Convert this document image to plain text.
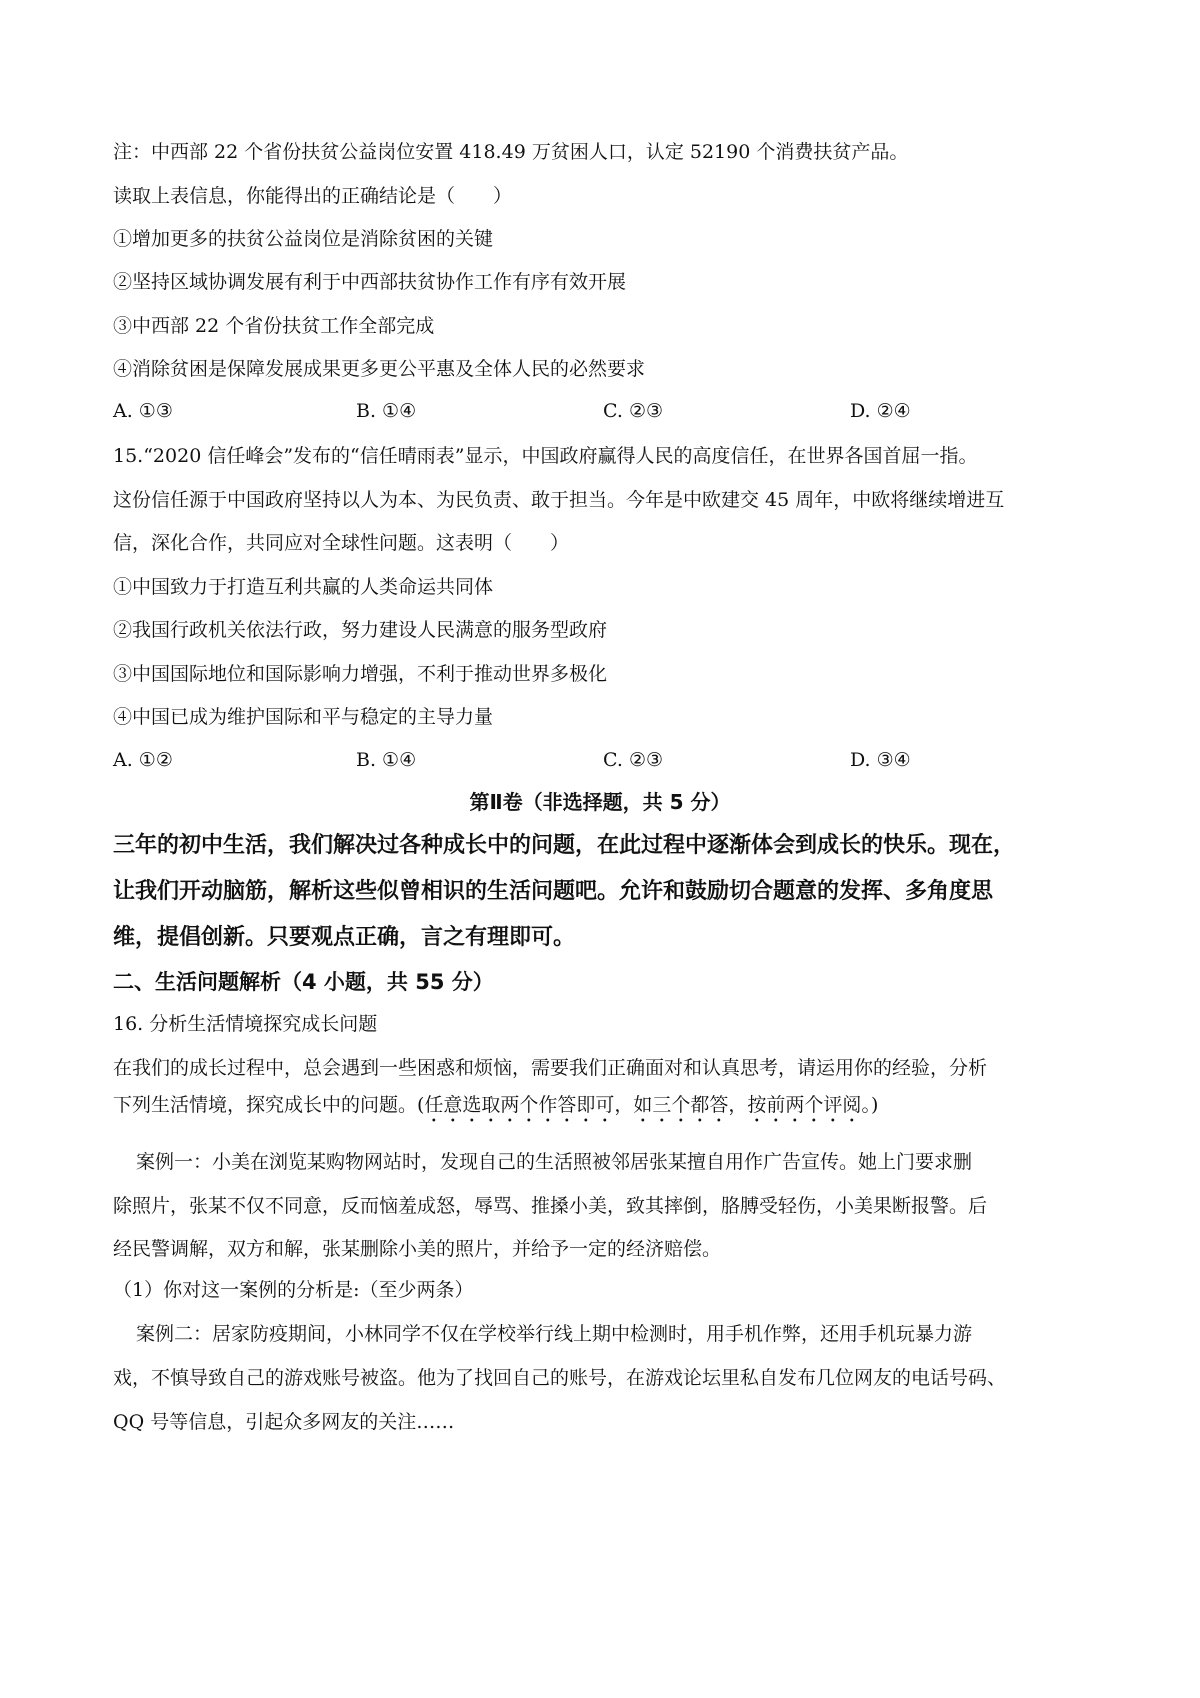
注：中西部 22 个省份扶贫公益岗位安置 418.49 万贫困人口，认定 52190 个消费扶贫产品。
读取上表信息，你能得出的正确结论是（　　）
①增加更多的扶贫公益岗位是消除贫困的关键
②坚持区域协调发展有利于中西部扶贫协作工作有序有效开展
③中西部 22 个省份扶贫工作全部完成
④消除贫困是保障发展成果更多更公平惠及全体人民的必然要求
A. ①③	B. ①④	C. ②③	D. ②④
15.“2020 信任峰会”发布的“信任晴雨表”显示，中国政府赢得人民的高度信任，在世界各国首屈一指。
这份信任源于中国政府坚持以人为本、为民负责、敢于担当。今年是中欧建交 45 周年，中欧将继续增进互
信，深化合作，共同应对全球性问题。这表明（　　）
①中国致力于打造互利共赢的人类命运共同体
②我国行政机关依法行政，努力建设人民满意的服务型政府
③中国国际地位和国际影响力增强，不利于推动世界多极化
④中国已成为维护国际和平与稳定的主导力量
A. ①②	B. ①④	C. ②③	D. ③④
第Ⅱ卷（非选择题，共 5 分）
三年的初中生活，我们解决过各种成长中的问题，在此过程中逐渐体会到成长的快乐。现在，
让我们开动脑筋，解析这些似曾相识的生活问题吧。允许和鼓励切合题意的发挥、多角度思
维，提倡创新。只要观点正确，言之有理即可。
二、生活问题解析（4 小题，共 55 分）
16. 分析生活情境探究成长问题
在我们的成长过程中，总会遇到一些困惑和烦恼，需要我们正确面对和认真思考，请运用你的经验，分析
下列生活情境，探究成长中的问题。(任意选取两个作答即可，如三个都答，按前两个评阅。)
案例一：小美在浏览某购物网站时，发现自己的生活照被邻居张某擅自用作广告宣传。她上门要求删
除照片，张某不仅不同意，反而恼羞成怒，辱骂、推搡小美，致其摔倒，胳膊受轻伤，小美果断报警。后
经民警调解，双方和解，张某删除小美的照片，并给予一定的经济赔偿。
（1）你对这一案例的分析是:（至少两条）
案例二：居家防疫期间，小林同学不仅在学校举行线上期中检测时，用手机作弊，还用手机玩暴力游
戏，不慎导致自己的游戏账号被盗。他为了找回自己的账号，在游戏论坛里私自发布几位网友的电话号码、
QQ 号等信息，引起众多网友的关注……
